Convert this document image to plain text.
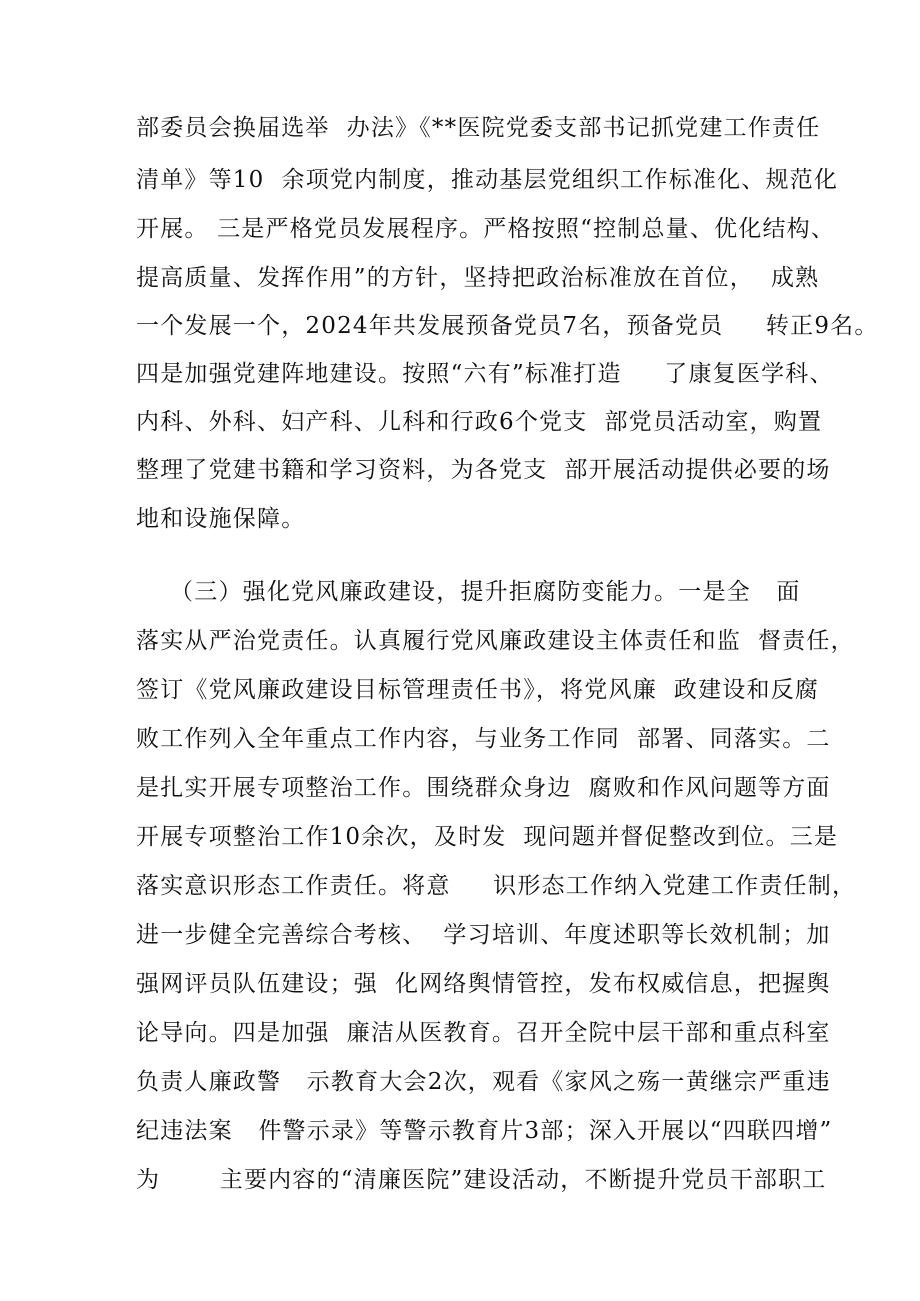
部委员会换届选举  办法》《**医院党委支部书记抓党建工作责任
清单》等10  余项党内制度，推动基层党组织工作标准化、规范化
开展。 三是严格党员发展程序。严格按照“控制总量、优化结构、
提高质量、发挥作用”的方针，坚持把政治标准放在首位，  成熟
一个发展一个，2024年共发展预备党员7名，预备党员     转正9名。
四是加强党建阵地建设。按照“六有”标准打造     了康复医学科、
内科、外科、妇产科、儿科和行政6个党支  部党员活动室，购置
整理了党建书籍和学习资料，为各党支  部开展活动提供必要的场
地和设施保障。
（三）强化党风廉政建设，提升拒腐防变能力。一是全   面
落实从严治党责任。认真履行党风廉政建设主体责任和监  督责任，
签订《党风廉政建设目标管理责任书》，将党风廉  政建设和反腐
败工作列入全年重点工作内容，与业务工作同  部署、同落实。二
是扎实开展专项整治工作。围绕群众身边  腐败和作风问题等方面
开展专项整治工作10余次，及时发  现问题并督促整改到位。三是
落实意识形态工作责任。将意     识形态工作纳入党建工作责任制，
进一步健全完善综合考核、  学习培训、年度述职等长效机制；加
强网评员队伍建设；强  化网络舆情管控，发布权威信息，把握舆
论导向。四是加强  廉洁从医教育。召开全院中层干部和重点科室
负责人廉政警   示教育大会2次，观看《家风之殇一黄继宗严重违
纪违法案   件警示录》等警示教育片3部；深入开展以“四联四增”
为       主要内容的“清廉医院”建设活动，不断提升党员干部职工
